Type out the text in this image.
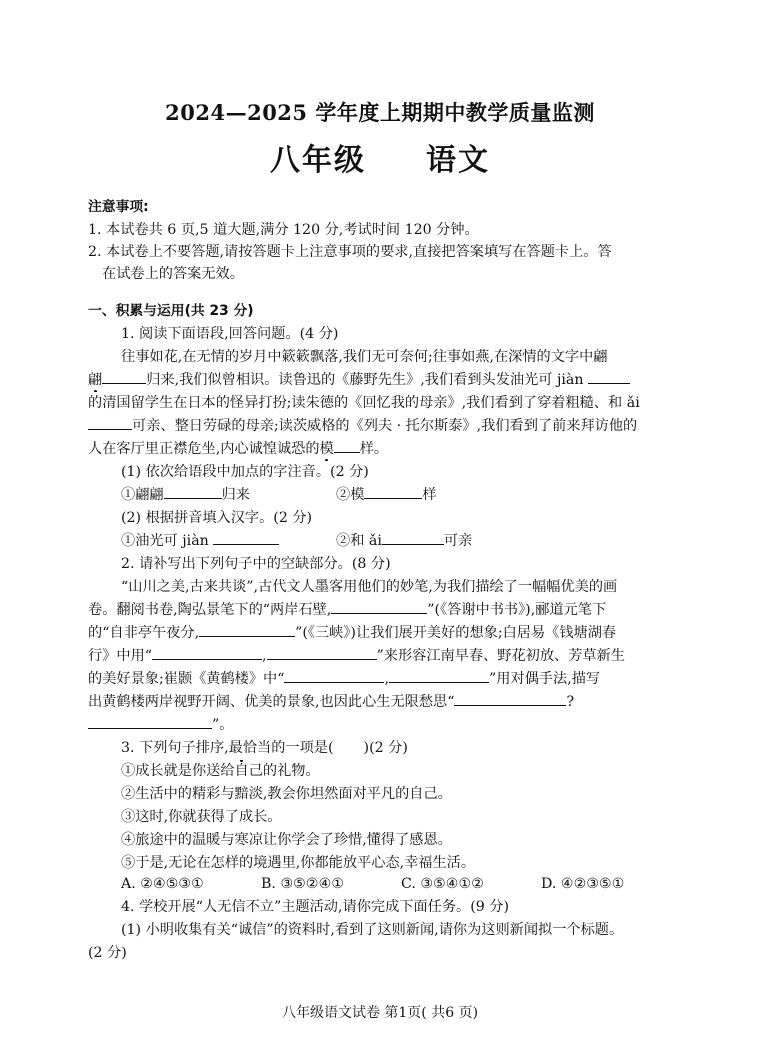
2024—2025 学年度上期期中教学质量监测
八年级 语文
注意事项:
1. 本试卷共 6 页,5 道大题,满分 120 分,考试时间 120 分钟。
2. 本试卷上不要答题,请按答题卡上注意事项的要求,直接把答案填写在答题卡上。答
在试卷上的答案无效。
一、积累与运用(共 23 分)
1. 阅读下面语段,回答问题。(4 分)
往事如花,在无情的岁月中簌簌飘落,我们无可奈何;往事如燕,在深情的文字中翩
翩	归来,我们似曾相识。读鲁迅的《藤野先生》,我们看到头发油光可 jiàn
的清国留学生在日本的怪异打扮;读朱德的《回忆我的母亲》,我们看到了穿着粗糙、和 ǎi
可亲、整日劳碌的母亲;读茨威格的《列夫 · 托尔斯泰》,我们看到了前来拜访他的
人在客厅里正襟危坐,内心诚惶诚恐的模 样。
(1) 依次给语段中加点的字注音。(2 分)
①翩翩	归来	②模	样
(2) 根据拼音填入汉字。(2 分)
①油光可 jiàn	②和 ǎi	可亲
2. 请补写出下列句子中的空缺部分。(8 分)
“山川之美,古来共谈”,古代文人墨客用他们的妙笔,为我们描绘了一幅幅优美的画
卷。翻阅书卷,陶弘景笔下的“两岸石壁,	”(《答谢中书书》),郦道元笔下
的“自非亭午夜分,	”(《三峡》)让我们展开美好的想象;白居易《钱塘湖春
行》中用“	,	”来形容江南早春、野花初放、芳草新生
的美好景象;崔颢《黄鹤楼》中“	,	”用对偶手法,描写
出黄鹤楼两岸视野开阔、优美的景象,也因此心生无限愁思“	?
”。
3. 下列句子排序,最恰当的一项是( )(2 分)
①成长就是你送给自己的礼物。
②生活中的精彩与黯淡,教会你坦然面对平凡的自己。
③这时,你就获得了成长。
④旅途中的温暖与寒凉让你学会了珍惜,懂得了感恩。
⑤于是,无论在怎样的境遇里,你都能放平心态,幸福生活。
A. ②④⑤③①	B. ③⑤②④①	C. ③⑤④①②	D. ④②③⑤①
4. 学校开展“人无信不立”主题活动,请你完成下面任务。(9 分)
(1) 小明收集有关“诚信”的资料时,看到了这则新闻,请你为这则新闻拟一个标题。
(2 分)
八年级语文试卷 第1页( 共6 页)
